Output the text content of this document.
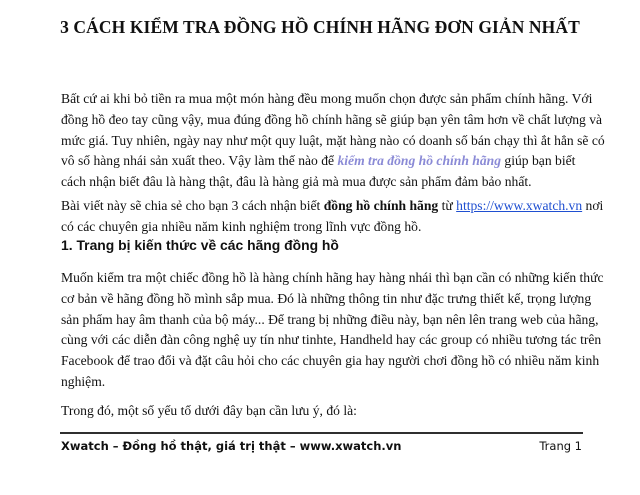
3 CÁCH KIỂM TRA ĐỒNG HỒ CHÍNH HÃNG ĐƠN GIẢN NHẤT
Bất cứ ai khi bỏ tiền ra mua một món hàng đều mong muốn chọn được sản phẩm chính hãng. Với
đồng hồ đeo tay cũng vậy, mua đúng đồng hồ chính hãng sẽ giúp bạn yên tâm hơn về chất lượng và
mức giá. Tuy nhiên, ngày nay như một quy luật, mặt hàng nào có doanh số bán chạy thì ắt hẳn sẽ có
vô số hàng nhái sản xuất theo. Vậy làm thế nào để kiểm tra đồng hồ chính hãng giúp bạn biết
cách nhận biết đâu là hàng thật, đâu là hàng giả mà mua được sản phẩm đảm bảo nhất.
Bài viết này sẽ chia sẻ cho bạn 3 cách nhận biết đồng hồ chính hãng từ https://www.xwatch.vn nơi
có các chuyên gia nhiều năm kinh nghiệm trong lĩnh vực đồng hồ.
1. Trang bị kiến thức về các hãng đồng hồ
Muốn kiểm tra một chiếc đồng hồ là hàng chính hãng hay hàng nhái thì bạn cần có những kiến thức
cơ bản về hãng đồng hồ mình sắp mua. Đó là những thông tin như đặc trưng thiết kế, trọng lượng
sản phẩm hay âm thanh của bộ máy... Để trang bị những điều này, bạn nên lên trang web của hãng,
cùng với các diễn đàn công nghệ uy tín như tinhte, Handheld hay các group có nhiều tương tác trên
Facebook để trao đổi và đặt câu hỏi cho các chuyên gia hay người chơi đồng hồ có nhiều năm kinh
nghiệm.
Trong đó, một số yếu tố dưới đây bạn cần lưu ý, đó là:
Xwatch – Đồng hồ thật, giá trị thật – www.xwatch.vn	Trang 1
